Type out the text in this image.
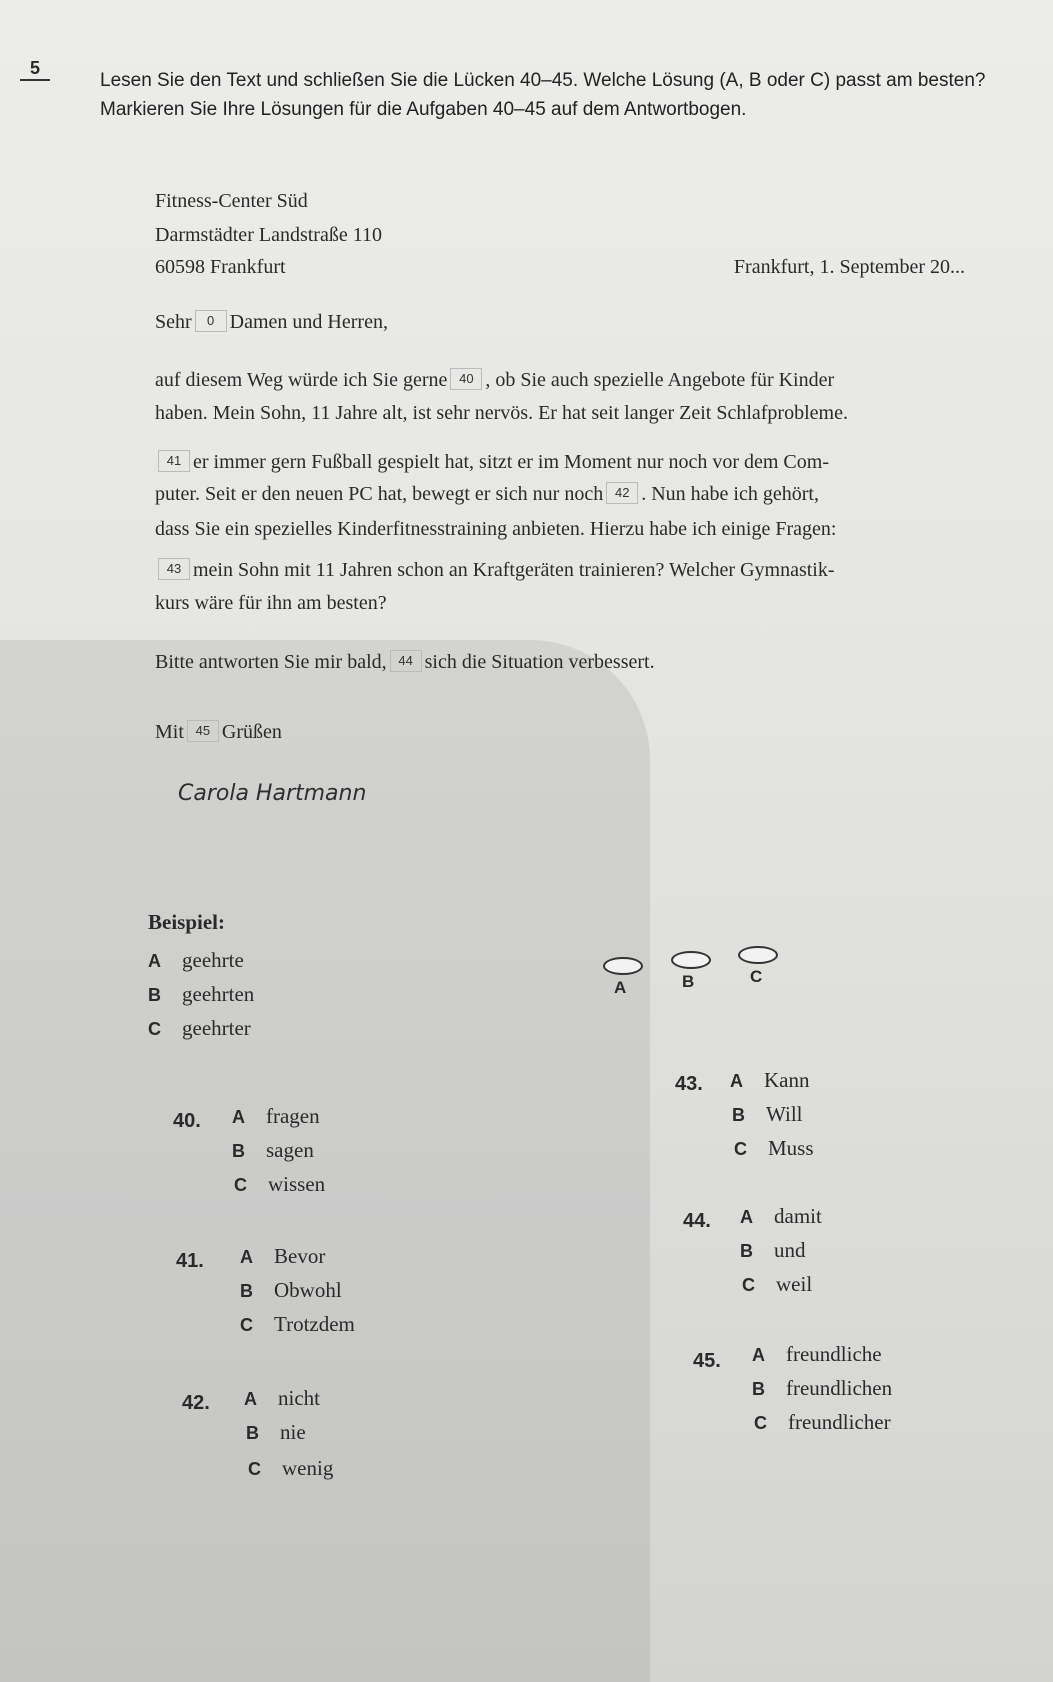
5
Lesen Sie den Text und schließen Sie die Lücken 40–45. Welche Lösung (A, B oder C) passt am besten? Markieren Sie Ihre Lösungen für die Aufgaben 40–45 auf dem Antwortbogen.
Fitness-Center Süd
Darmstädter Landstraße 110
60598 Frankfurt	Frankfurt, 1. September 20...
Sehr 0 Damen und Herren,
auf diesem Weg würde ich Sie gerne 40 , ob Sie auch spezielle Angebote für Kinder
haben. Mein Sohn, 11 Jahre alt, ist sehr nervös. Er hat seit langer Zeit Schlafprobleme.
41 er immer gern Fußball gespielt hat, sitzt er im Moment nur noch vor dem Com-
puter. Seit er den neuen PC hat, bewegt er sich nur noch 42 . Nun habe ich gehört,
dass Sie ein spezielles Kinderfitnesstraining anbieten. Hierzu habe ich einige Fragen:
43 mein Sohn mit 11 Jahren schon an Kraftgeräten trainieren? Welcher Gymnastik-
kurs wäre für ihn am besten?
Bitte antworten Sie mir bald, 44 sich die Situation verbessert.
Mit 45 Grüßen
Carola Hartmann
Beispiel:
A geehrte
B geehrten
C geehrter
A	B	C
40. A fragen
B sagen
C wissen
41. A Bevor
B Obwohl
C Trotzdem
42. A nicht
B nie
C wenig
43. A Kann
B Will
C Muss
44. A damit
B und
C weil
45. A freundliche
B freundlichen
C freundlicher
